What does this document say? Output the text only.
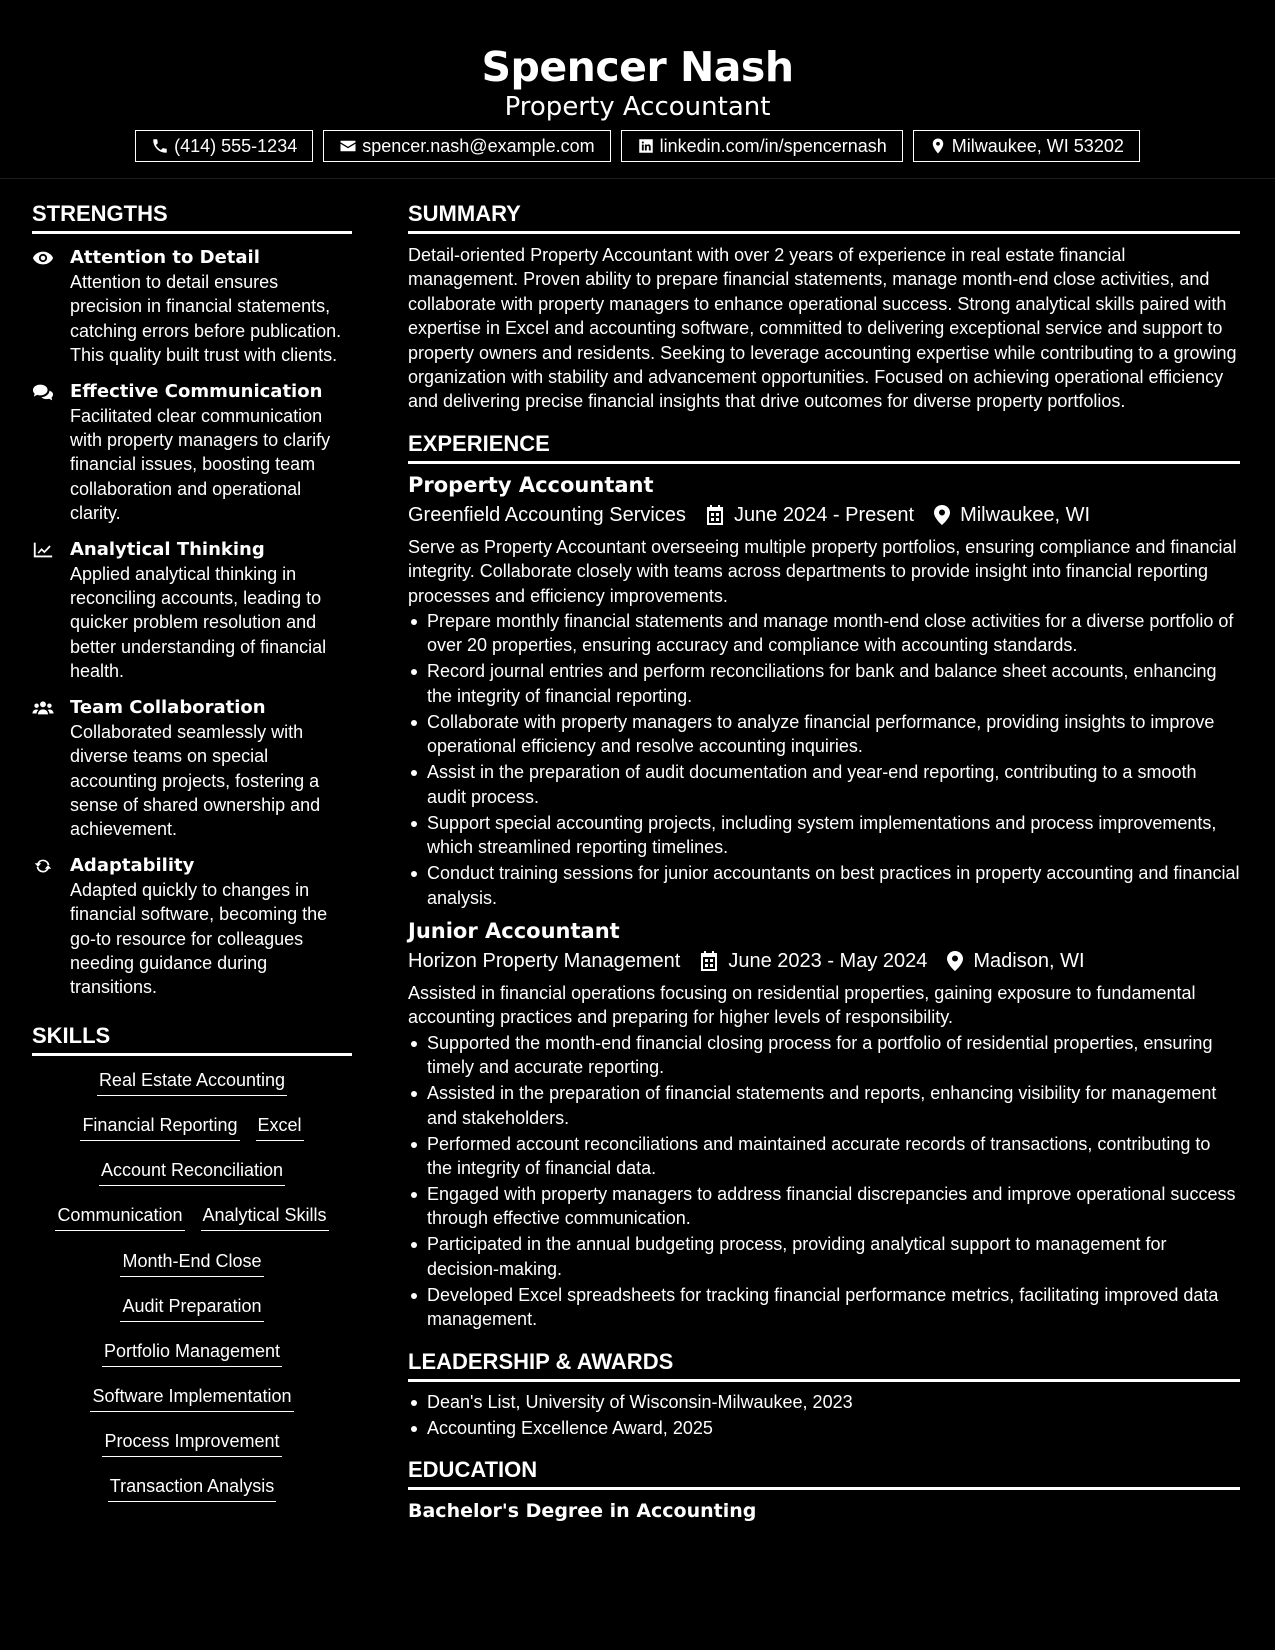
Spencer Nash
Property Accountant
(414) 555-1234	spencer.nash@example.com	linkedin.com/in/spencernash	Milwaukee, WI 53202
STRENGTHS
Attention to Detail
Attention to detail ensures precision in financial statements, catching errors before publication. This quality built trust with clients.
Effective Communication
Facilitated clear communication with property managers to clarify financial issues, boosting team collaboration and operational clarity.
Analytical Thinking
Applied analytical thinking in reconciling accounts, leading to quicker problem resolution and better understanding of financial health.
Team Collaboration
Collaborated seamlessly with diverse teams on special accounting projects, fostering a sense of shared ownership and achievement.
Adaptability
Adapted quickly to changes in financial software, becoming the go-to resource for colleagues needing guidance during transitions.
SKILLS
Real Estate Accounting
Financial Reporting Excel
Account Reconciliation
Communication Analytical Skills
Month-End Close
Audit Preparation
Portfolio Management
Software Implementation
Process Improvement
Transaction Analysis
SUMMARY
Detail-oriented Property Accountant with over 2 years of experience in real estate financial management. Proven ability to prepare financial statements, manage month-end close activities, and collaborate with property managers to enhance operational success. Strong analytical skills paired with expertise in Excel and accounting software, committed to delivering exceptional service and support to property owners and residents. Seeking to leverage accounting expertise while contributing to a growing organization with stability and advancement opportunities. Focused on achieving operational efficiency and delivering precise financial insights that drive outcomes for diverse property portfolios.
EXPERIENCE
Property Accountant
Greenfield Accounting Services June 2024 - Present Milwaukee, WI
Serve as Property Accountant overseeing multiple property portfolios, ensuring compliance and financial integrity. Collaborate closely with teams across departments to provide insight into financial reporting processes and efficiency improvements.
Prepare monthly financial statements and manage month-end close activities for a diverse portfolio of over 20 properties, ensuring accuracy and compliance with accounting standards.
Record journal entries and perform reconciliations for bank and balance sheet accounts, enhancing the integrity of financial reporting.
Collaborate with property managers to analyze financial performance, providing insights to improve operational efficiency and resolve accounting inquiries.
Assist in the preparation of audit documentation and year-end reporting, contributing to a smooth audit process.
Support special accounting projects, including system implementations and process improvements, which streamlined reporting timelines.
Conduct training sessions for junior accountants on best practices in property accounting and financial analysis.
Junior Accountant
Horizon Property Management June 2023 - May 2024 Madison, WI
Assisted in financial operations focusing on residential properties, gaining exposure to fundamental accounting practices and preparing for higher levels of responsibility.
Supported the month-end financial closing process for a portfolio of residential properties, ensuring timely and accurate reporting.
Assisted in the preparation of financial statements and reports, enhancing visibility for management and stakeholders.
Performed account reconciliations and maintained accurate records of transactions, contributing to the integrity of financial data.
Engaged with property managers to address financial discrepancies and improve operational success through effective communication.
Participated in the annual budgeting process, providing analytical support to management for decision-making.
Developed Excel spreadsheets for tracking financial performance metrics, facilitating improved data management.
LEADERSHIP & AWARDS
Dean's List, University of Wisconsin-Milwaukee, 2023
Accounting Excellence Award, 2025
EDUCATION
Bachelor's Degree in Accounting
